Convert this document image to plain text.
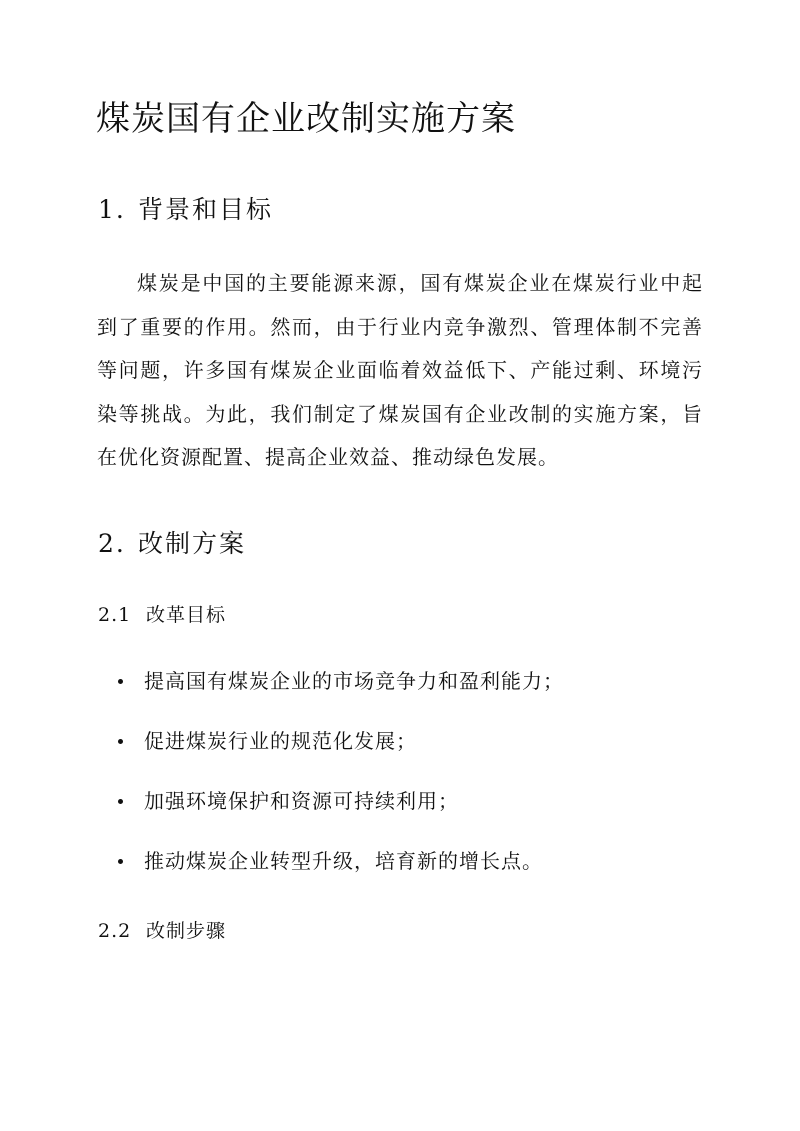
煤炭国有企业改制实施方案
1. 背景和目标

煤炭是中国的主要能源来源，国有煤炭企业在煤炭行业中起到了重要的作用。然而，由于行业内竞争激烈、管理体制不完善等问题，许多国有煤炭企业面临着效益低下、产能过剩、环境污染等挑战。为此，我们制定了煤炭国有企业改制的实施方案，旨在优化资源配置、提高企业效益、推动绿色发展。

2. 改制方案
2.1 改革目标
提高国有煤炭企业的市场竞争力和盈利能力；
促进煤炭行业的规范化发展；
加强环境保护和资源可持续利用；
推动煤炭企业转型升级，培育新的增长点。
2.2 改制步骤
